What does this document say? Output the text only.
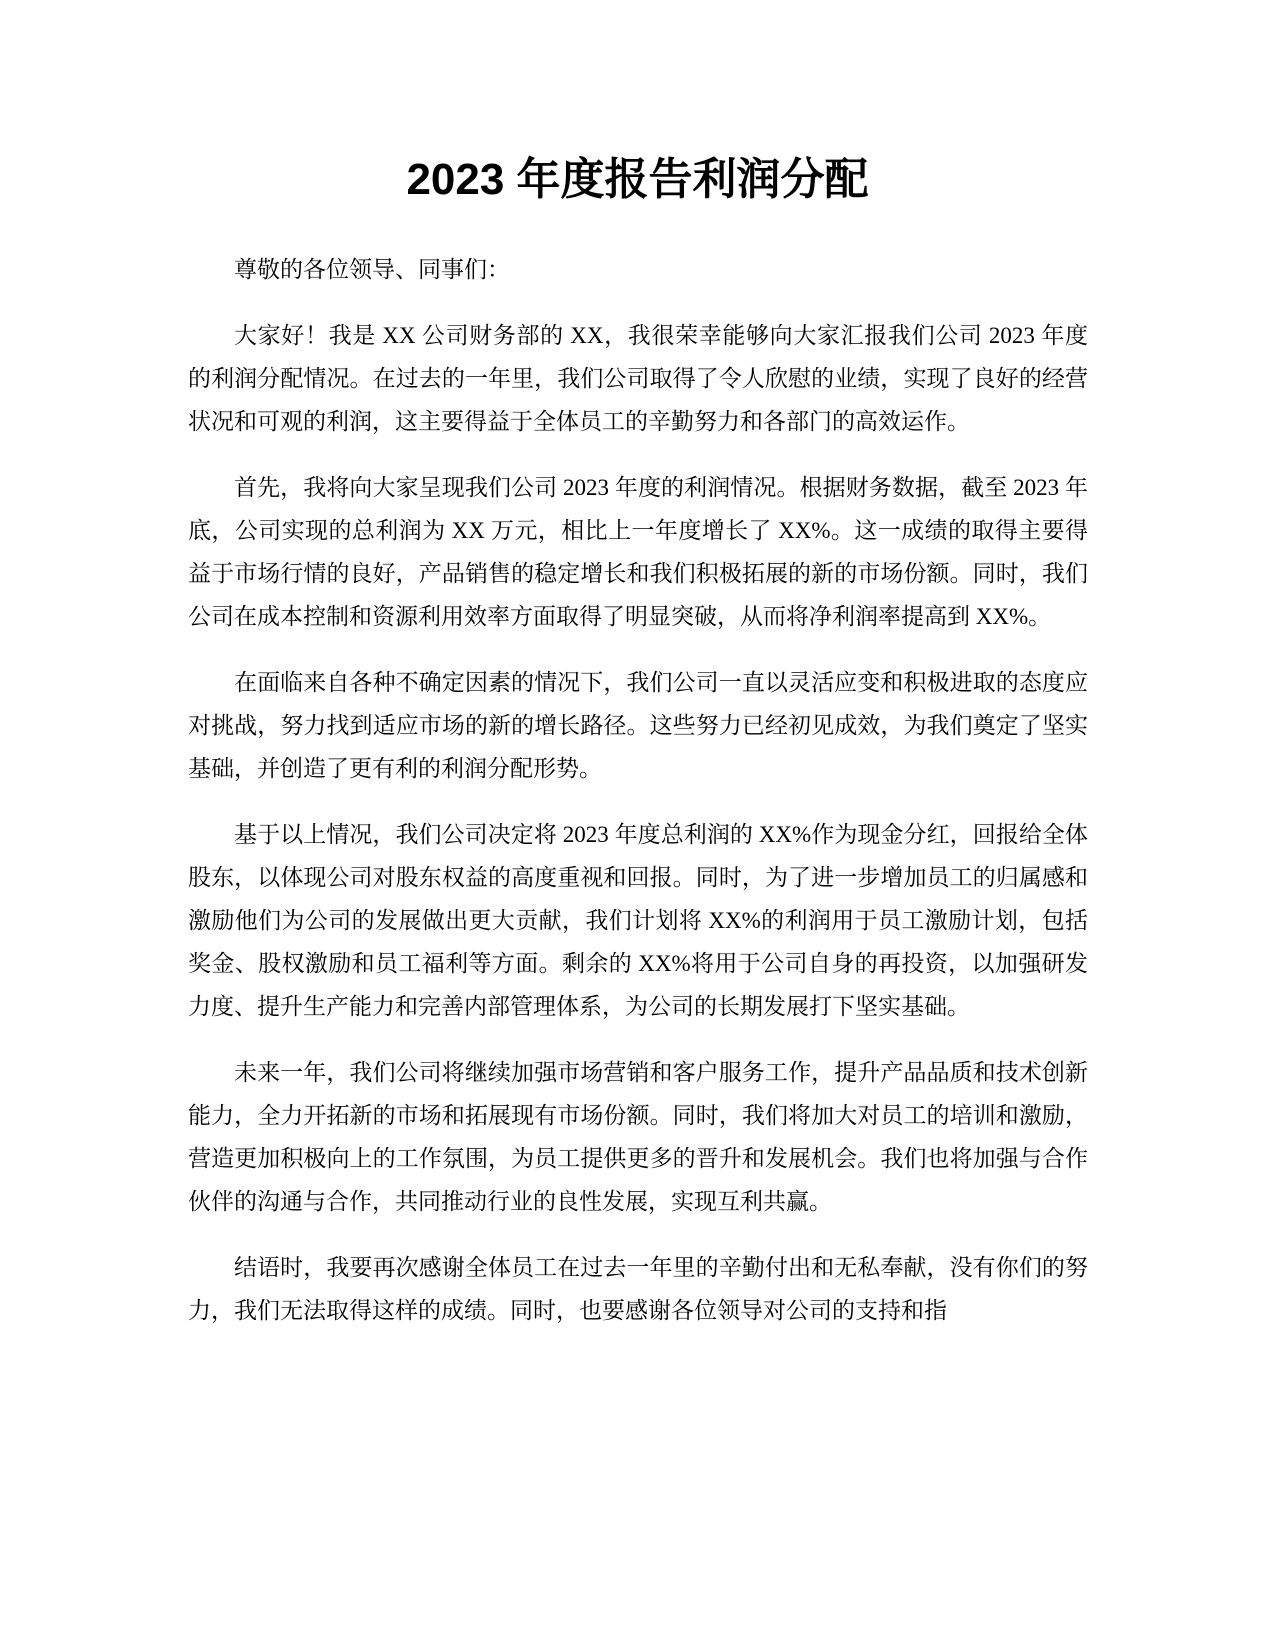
2023 年度报告利润分配

尊敬的各位领导、同事们：

大家好！我是 XX 公司财务部的 XX，我很荣幸能够向大家汇报我们公司 2023 年度的利润分配情况。在过去的一年里，我们公司取得了令人欣慰的业绩，实现了良好的经营状况和可观的利润，这主要得益于全体员工的辛勤努力和各部门的高效运作。

首先，我将向大家呈现我们公司 2023 年度的利润情况。根据财务数据，截至 2023 年底，公司实现的总利润为 XX 万元，相比上一年度增长了 XX%。这一成绩的取得主要得益于市场行情的良好，产品销售的稳定增长和我们积极拓展的新的市场份额。同时，我们公司在成本控制和资源利用效率方面取得了明显突破，从而将净利润率提高到 XX%。

在面临来自各种不确定因素的情况下，我们公司一直以灵活应变和积极进取的态度应对挑战，努力找到适应市场的新的增长路径。这些努力已经初见成效，为我们奠定了坚实基础，并创造了更有利的利润分配形势。

基于以上情况，我们公司决定将 2023 年度总利润的 XX%作为现金分红，回报给全体股东，以体现公司对股东权益的高度重视和回报。同时，为了进一步增加员工的归属感和激励他们为公司的发展做出更大贡献，我们计划将 XX%的利润用于员工激励计划，包括奖金、股权激励和员工福利等方面。剩余的 XX%将用于公司自身的再投资，以加强研发力度、提升生产能力和完善内部管理体系，为公司的长期发展打下坚实基础。

未来一年，我们公司将继续加强市场营销和客户服务工作，提升产品品质和技术创新能力，全力开拓新的市场和拓展现有市场份额。同时，我们将加大对员工的培训和激励，营造更加积极向上的工作氛围，为员工提供更多的晋升和发展机会。我们也将加强与合作伙伴的沟通与合作，共同推动行业的良性发展，实现互利共赢。

结语时，我要再次感谢全体员工在过去一年里的辛勤付出和无私奉献，没有你们的努力，我们无法取得这样的成绩。同时，也要感谢各位领导对公司的支持和指
